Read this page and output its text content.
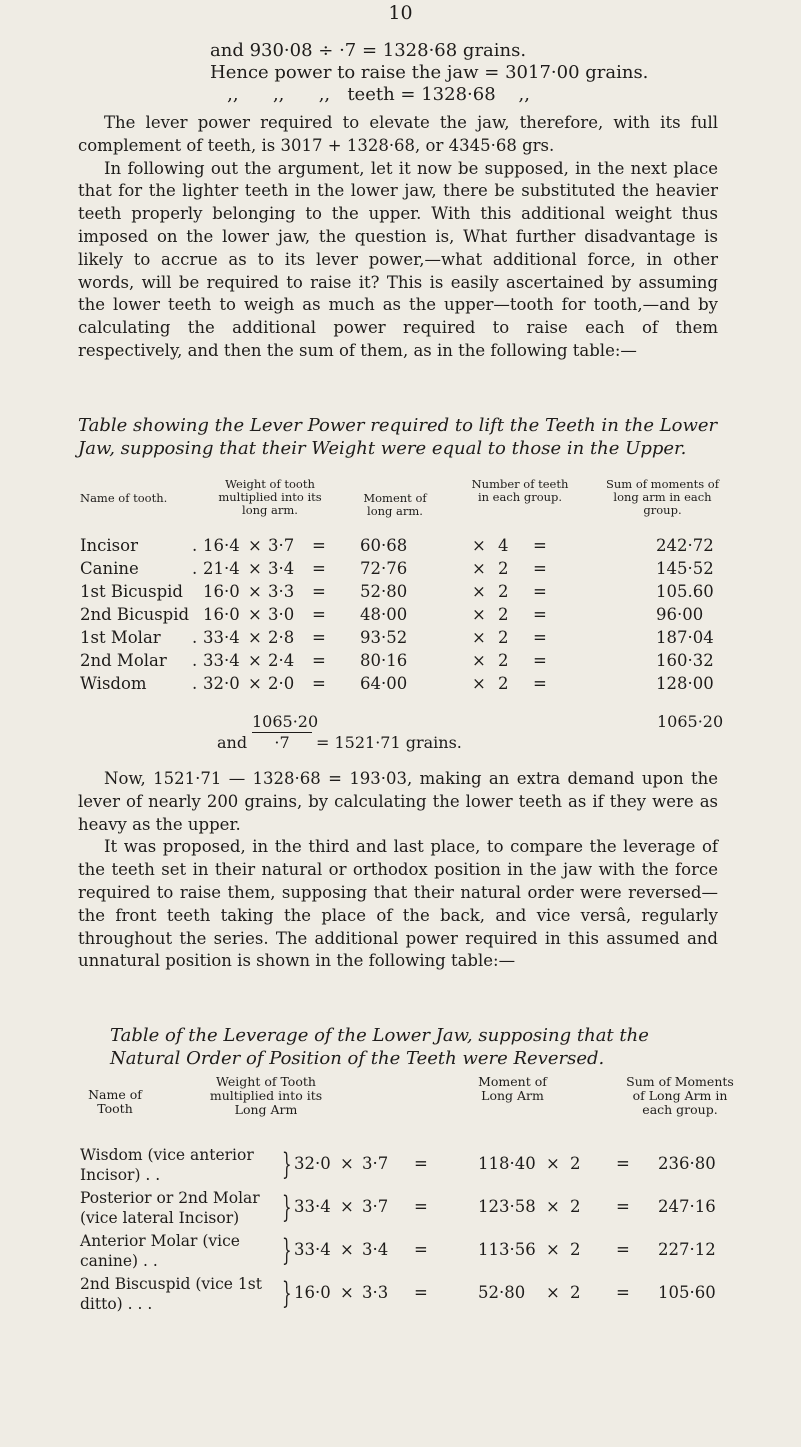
10
and 930·08 ÷ ·7 = 1328·68 grains.
Hence power to raise the jaw = 3017·00 grains.
,,      ,,      ,,   teeth = 1328·68    ,,
The lever power required to elevate the jaw, therefore, with its full complement of teeth, is 3017 + 1328·68, or 4345·68 grs.
In following out the argument, let it now be supposed, in the next place that for the lighter teeth in the lower jaw, there be substituted the heavier teeth properly belonging to the upper. With this additional weight thus imposed on the lower jaw, the question is, What further disadvantage is likely to accrue as to its lever power,—what additional force, in other words, will be required to raise it? This is easily ascertained by assuming the lower teeth to weigh as much as the upper—tooth for tooth,—and by calculating the additional power required to raise each of them respectively, and then the sum of them, as in the following table:—
Table showing the Lever Power required to lift the Teeth in the Lower Jaw, supposing that their Weight were equal to those in the Upper.
Name of tooth.
Weight of tooth multiplied into its long arm.
Moment of long arm.
Number of teeth in each group.
Sum of moments of long arm in each group.
Incisor	. 16·4 × 3·7 = 60·68	× 4 =	242·72
Canine	. 21·4 × 3·4 = 72·76	× 2 =	145·52
1st Bicuspid 16·0 × 3·3 = 52·80	× 2 =	105.60
2nd Bicuspid 16·0 × 3·0 = 48·00	× 2 =	96·00
1st Molar . 33·4 × 2·8 = 93·52	× 2 =	187·04
2nd Molar . 33·4 × 2·4 = 80·16	× 2 =	160·32
Wisdom	. 32·0 × 2·0 = 64·00	× 2 =	128·00
1065·20
and $\frac{1065\cdot 20}{\cdot 7} = 1521\cdot 71$ grains.
Now, 1521·71 — 1328·68 = 193·03, making an extra demand upon the lever of nearly 200 grains, by calculating the lower teeth as if they were as heavy as the upper.
It was proposed, in the third and last place, to compare the leverage of the teeth set in their natural or orthodox position in the jaw with the force required to raise them, supposing that their natural order were reversed—the front teeth taking the place of the back, and vice versâ, regularly throughout the series. The additional power required in this assumed and unnatural position is shown in the following table:—
Table of the Leverage of the Lower Jaw, supposing that the Natural Order of Position of the Teeth were Reversed.
Name of Tooth
Weight of Tooth multiplied into its Long Arm
Moment of Long Arm
Sum of Moments of Long Arm in each group.
Wisdom (vice anterior
Incisor) . .	} 32·0 × 3·7 =	118·40 × 2 = 236·80
Posterior or 2nd Molar
(vice lateral Incisor)	} 33·4 × 3·7 =	123·58 × 2 = 247·16
Anterior Molar (vice
canine) . .	} 33·4 × 3·4 =	113·56 × 2 = 227·12
2nd Biscuspid (vice 1st
ditto) . . .	} 16·0 × 3·3 =	52·80 × 2 = 105·60
